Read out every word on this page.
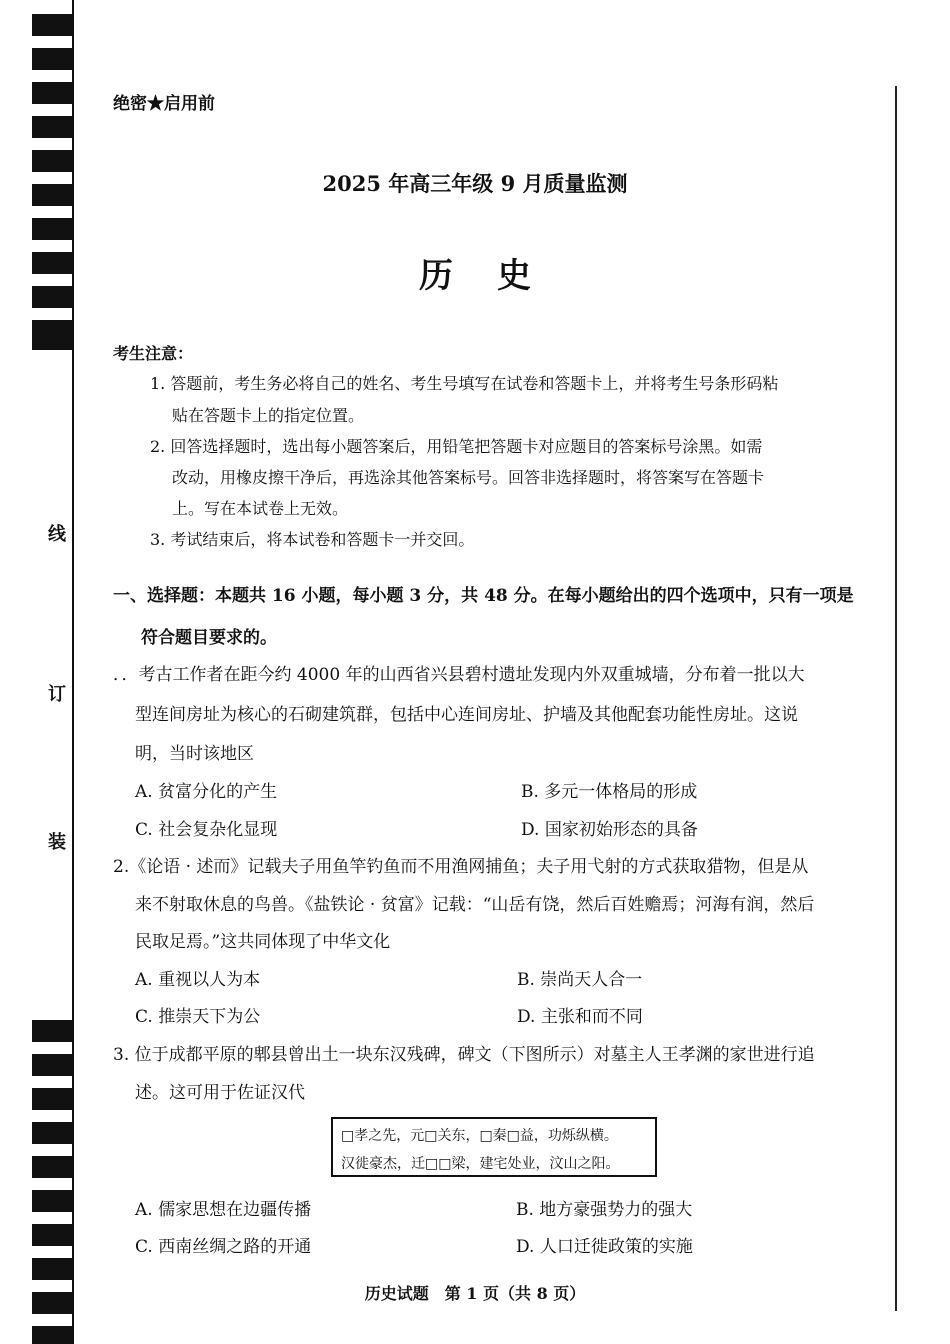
线
订
装
绝密★启用前
2025 年高三年级 9 月质量监测
历史
考生注意：
1. 答题前，考生务必将自己的姓名、考生号填写在试卷和答题卡上，并将考生号条形码粘
贴在答题卡上的指定位置。
2. 回答选择题时，选出每小题答案后，用铅笔把答题卡对应题目的答案标号涂黑。如需
改动，用橡皮擦干净后，再选涂其他答案标号。回答非选择题时，将答案写在答题卡
上。写在本试卷上无效。
3. 考试结束后，将本试卷和答题卡一并交回。
一、选择题：本题共 16 小题，每小题 3 分，共 48 分。在每小题给出的四个选项中，只有一项是
符合题目要求的。
．．考古工作者在距今约 4000 年的山西省兴县碧村遗址发现内外双重城墙，分布着一批以大
型连间房址为核心的石砌建筑群，包括中心连间房址、护墙及其他配套功能性房址。这说
明，当时该地区
A. 贫富分化的产生	B. 多元一体格局的形成
C. 社会复杂化显现	D. 国家初始形态的具备
2.《论语 · 述而》记载夫子用鱼竿钓鱼而不用渔网捕鱼；夫子用弋射的方式获取猎物，但是从
来不射取休息的鸟兽。《盐铁论 · 贫富》记载：“山岳有饶，然后百姓赡焉；河海有润，然后
民取足焉。”这共同体现了中华文化
A. 重视以人为本	B. 崇尚天人合一
C. 推崇天下为公	D. 主张和而不同
3. 位于成都平原的郫县曾出土一块东汉残碑，碑文（下图所示）对墓主人王孝渊的家世进行追
述。这可用于佐证汉代
□孝之先，元□关东，□秦□益，功烁纵横。
汉徙豪杰，迁□□梁，建宅处业，汶山之阳。
A. 儒家思想在边疆传播	B. 地方豪强势力的强大
C. 西南丝绸之路的开通	D. 人口迁徙政策的实施
历史试题　第 1 页（共 8 页）
